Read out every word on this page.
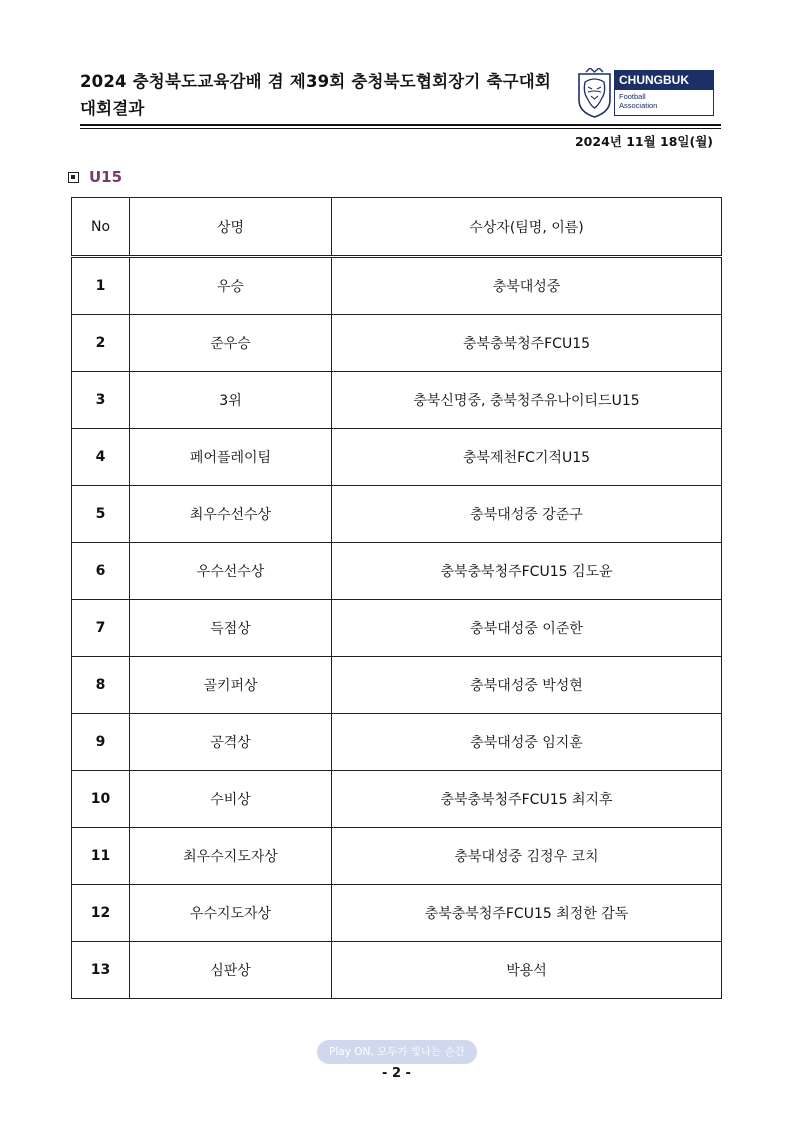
2024 충청북도교육감배 겸 제39회 충청북도협회장기 축구대회
대회결과
CHUNGBUK
Football
Association
2024년 11월 18일(월)
U15
No	상명	수상자(팀명, 이름)
1	우승	충북대성중
2	준우승	충북충북청주FCU15
3	3위	충북신명중, 충북청주유나이티드U15
4	페어플레이팀	충북제천FC기적U15
5	최우수선수상	충북대성중 강준구
6	우수선수상	충북충북청주FCU15 김도윤
7	득점상	충북대성중 이준한
8	골키퍼상	충북대성중 박성현
9	공격상	충북대성중 임지훈
10	수비상	충북충북청주FCU15 최지후
11	최우수지도자상	충북대성중 김정우 코치
12	우수지도자상	충북충북청주FCU15 최정한 감독
13	심판상	박용석
Play ON, 모두가 빛나는 순간
- 2 -
